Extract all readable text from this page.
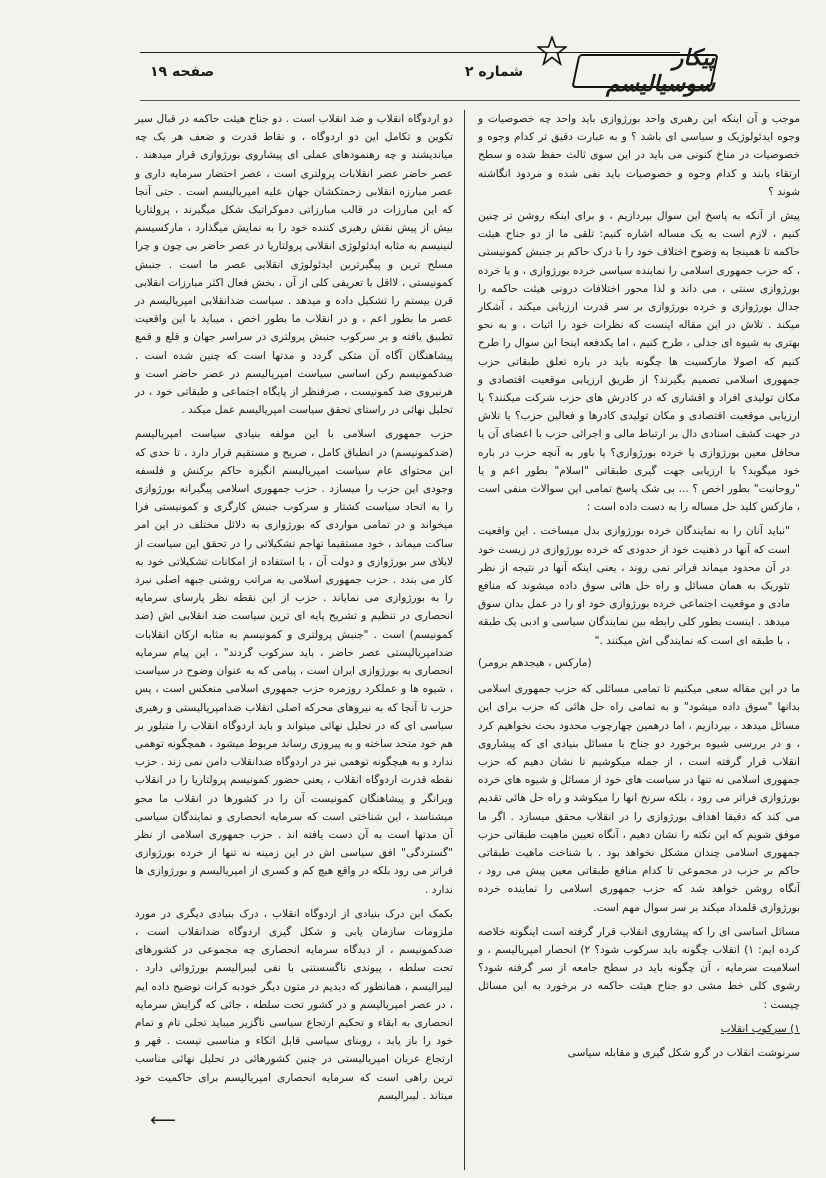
صفحه ۱۹	شماره ۲
پیکار سوسیالیسم

موجب و آن اینکه این رهبری واحد بورژوازی باید واحد چه خصوصیات و وجوه ایدئولوژیک و سیاسی ای باشد ؟ و به عبارت دقیق تر کدام وجوه و خصوصیات در مناخ کنونی می باید در این سوی ثالث حفظ شده و سطح ارتقاء یابند و کدام وجوه و خصوصیات باید نفی شده و مردود انگاشته شوند ؟

پیش از آنکه به پاسخ این سوال بپردازیم ، و برای اینکه روشن تر چنین کنیم ، لازم است به یک مساله اشاره کنیم: تلقی ما از دو جناح هیئت حاکمه تا همینجا به وضوح اختلاف خود را با درک حاکم بر جنبش کمونیستی ، که حزب جمهوری اسلامی را نماینده سیاسی خرده بورژوازی ، و یا خرده بورژوازی سنتی ، می داند و لذا محور اختلافات درونی هیئت حاکمه را جدال بورژوازی و خرده بورژوازی بر سر قدرت ارزیابی میکند ، آشکار میکند . تلاش در این مقاله اینست که نظرات خود را اثبات ، و به نحو بهتری به شیوه ای جدلی ، طرح کنیم ، اما یکدفعه اینجا این سوال را طرح کنیم که اصولا مارکسیت ها چگونه باید در باره تعلق طبقاتی حزب جمهوری اسلامی تصمیم بگیرند؟ از طریق ارزیابی موقعیت اقتصادی و مکان تولیدی افراد و اقشاری که در کادرش های حزب شرکت میکنند؟ یا ارزیابی موقعیت اقتصادی و مکان تولیدی کادرها و فعالین حزب؟ یا تلاش در جهت کشف اسنادی دال بر ارتباط مالی و اجرائی حزب با اعضای آن یا محافل معین بورژوازی یا خرده بورژوازی؟ یا باور به آنچه حزب در باره خود میگوید؟ با ارزیابی جهت گیری طبقاتی "اسلام" بطور اعم و یا "روحانیت" بطور اخص ؟ ... بی شک پاسخ تمامی این سوالات منفی است ، مارکس کلید حل مساله را به دست داده است :

"نباید آنان را به نمایندگان خرده بورژوازی بدل میساخت . این واقعیت است که آنها در ذهنیت خود از حدودی که خرده بورژوازی در زیست خود در آن محدود میماند فراتر نمی روند ، یعنی اینکه آنها در نتیجه از نظر تئوریک به همان مسائل و راه حل هائی سوق داده میشوند که منافع مادی و موقعیت اجتماعی خرده بورژوازی خود او را در عمل بدان سوق میدهد . اینست بطور کلی رابطه بین نمایندگان سیاسی و ادبی یک طبقه ، با طبقه ای است که نمایندگی اش میکنند ."

(مارکس ، هیجدهم برومر)

ما در این مقاله سعی میکنیم تا تمامی مسائلی که حزب جمهوری اسلامی بدانها "سوق داده میشود" و به تمامی راه حل هائی که حزب برای این مسائل میدهد ، بپردازیم ، اما درهمین چهارچوب محدود بحث نخواهیم کرد ، و در بررسی شیوه برخورد دو جناح با مسائل بنیادی ای که پیشاروی انقلاب قرار گرفته است ، از جمله میکوشیم تا نشان دهیم که حزب جمهوری اسلامی نه تنها در سیاست های خود از مسائل و شیوه های خرده بورژوازی فراتر می رود ، بلکه سرنخ انها را میکوشد و راه حل هائی تقدیم می کند که دقیقا اهداف بورژوازی را در انقلاب محقق میسازد . اگر ما موفق شویم که این نکته را نشان دهیم ، آنگاه تعیین ماهیت طبقاتی حزب جمهوری اسلامی چندان مشکل نخواهد بود . با شناخت ماهیت طبقاتی حاکم بر حزب در مجموعی تا کدام منافع طبقاتی معین پیش می رود ، آنگاه روشن خواهد شد که حزب جمهوری اسلامی را نماینده خرده بورژوازی قلمداد میکند بر سر سوال مهم است.

مسائل اساسی ای را که پیشاروی انقلاب قرار گرفته است اینگونه خلاصه کرده ایم: ۱) انقلاب چگونه باید سرکوب شود؟ ۲) انحصار امپریالیسم ، و اسلامیت سرمایه ، آن چگونه باید در سطح جامعه از سر گرفته شود؟ رشوی کلی خط مشی دو جناح هیئت حاکمه در برخورد به این مسائل چیست :

۱) سرکوب انقلاب

سرنوشت انقلاب در گرو شکل گیری و مقابله سیاسی

دو اردوگاه انقلاب و ضد انقلاب است . دو جناح هیئت حاکمه در قبال سیر تکوین و تکامل این دو اردوگاه ، و نقاط قدرت و ضعف هر یک چه میاندیشند و چه رهنمودهای عملی ای پیشاروی بورژوازی قرار میدهند . عصر حاضر عصر انقلابات پرولتری است ، عصر احتضار سرمایه داری و عصر مبارزه انقلابی زحمتکشان جهان علیه امپریالیسم است . حتی آنجا که این مبارزات در قالب مبارزاتی دموکراتیک شکل میگیرند ، پرولتاریا بیش از پیش نقش رهبری کننده خود را به نمایش میگذارد ، مارکسیسم لنینیسم به مثابه ایدئولوژی انقلابی پرولتاریا در عصر حاضر بی چون و چرا مسلح ترین و پیگیرترین ایدئولوژی انقلابی عصر ما است . جنبش کمونیستی ، لااقل با تعریفی کلی از آن ، بخش فعال اکثر مبارزات انقلابی قرن بیستم را تشکیل داده و میدهد . سیاست ضدانقلابی امپریالیسم در عصر ما بطور اعم ، و در انقلاب ما بطور اخص ، میباید با این واقعیت تطبیق یافته و بر سرکوب جنبش پرولتری در سراسر جهان و قلع و قمع پیشاهنگان آگاه آن متکی گردد و مدتها است که چنین شده است . ضدکمونیسم رکن اساسی سیاست امپریالیسم در عصر حاضر است و هرنیروی ضد کمونیست ، صرفنظر از پایگاه اجتماعی و طبقاتی خود ، در تحلیل نهائی در راستای تحقق سیاست امپریالیسم عمل میکند .

حزب جمهوری اسلامی با این مولفه بنیادی سیاست امپریالیسم (ضدکمونیسم) در انطباق کامل ، صریح و مستقیم قرار دارد ، تا حدی که این محتوای عام سیاست امپریالیسم انگیزه حاکم برکنش و فلسفه وجودی این حزب را میسازد . حزب جمهوری اسلامی پیگیرانه بورژوازی را به اتحاد سیاست کشتار و سرکوب جنبش کارگری و کمونیستی فرا میخواند و در تمامی مواردی که بورژوازی به دلائل مختلف در این امر ساکت میماند ، خود مستقیما تهاجم تشکیلاتی را در تحقق این سیاست از لایلای سر بورژوازی و دولت آن ، با استفاده از امکانات تشکیلاتی خود به کار می بندد . حزب جمهوری اسلامی به مراتب روشنی جبهه اصلی نبرد را به بورژوازی می نمایاند . حزب از این نقطه نظر پارسای سرمایه انحصاری در تنظیم و تشریح پایه ای ترین سیاست ضد انقلابی اش (ضد کمونیسم) است . "جنبش پرولتری و کمونیسم به مثابه ارکان انقلابات ضدامپریالیستی عصر حاضر ، باید سرکوب گردند" ، این پیام سرمایه انحصاری به بورژوازی ایران است ، پیامی که به عنوان وضوح در سیاست ، شیوه ها و عملکرد روزمره حزب جمهوری اسلامی منعکس است ، پس حزب تا آنجا که به نیروهای محرکه اصلی انقلاب ضدامپریالیستی و رهبری سیاسی ای که در تحلیل نهائی میتواند و باید اردوگاه انقلاب را متبلور بر هم خود متحد ساخته و به پیروزی رساند مربوط میشود ، همچگونه توهمی ندارد و به هیچگونه توهمی نیز در اردوگاه ضدانقلاب دامن نمی زند . حزب نقطه قدرت اردوگاه انقلاب ، یعنی حضور کمونیسم پرولتاریا را در انقلاب ویرانگر و پیشاهنگان کمونیست آن را در کشورها در انقلاب ما محو میشناسد ، این شناختی است که سرمایه انحصاری و نمایندگان سیاسی آن مدتها است به آن دست یافته اند . حزب جمهوری اسلامی از نظر "گستردگی" افق سیاسی اش در این زمینه نه تنها از خرده بورژوازی فراتر می رود بلکه در واقع هیچ کم و کسری از امپریالیسم و بورژوازی ها ندارد .

بکمک این درک بنیادی از اردوگاه انقلاب ، درک بنیادی دیگری در مورد ملزومات سازمان یابی و شکل گیری اردوگاه ضدانقلاب است ، ضدکمونیسم ، از دیدگاه سرمایه انحصاری چه مجموعی در کشورهای تحت سلطه ، پیوندی ناگسستنی با نفی لیبرالیسم بورژوائی دارد . لیبرالیسم ، همانطور که دیدیم در متون دیگر خودبه کرات توضیح داده ایم ، در عصر امپریالیسم و در کشور تحت سلطه ، جائی که گرایش سرمایه انحصاری به ابقاء و تحکیم ارتجاع سیاسی ناگزیر میباید تجلی تام و تمام خود را باز یابد ، روبنای سیاسی قابل اتکاء و مناسبی نیست . قهر و ارتجاع عریان امپریالیستی در چنین کشورهائی در تحلیل نهائی مناسب ترین راهی است که سرمایه انحصاری امپریالیسم برای حاکمیت خود میتاند . لیبرالیسم

⟵
